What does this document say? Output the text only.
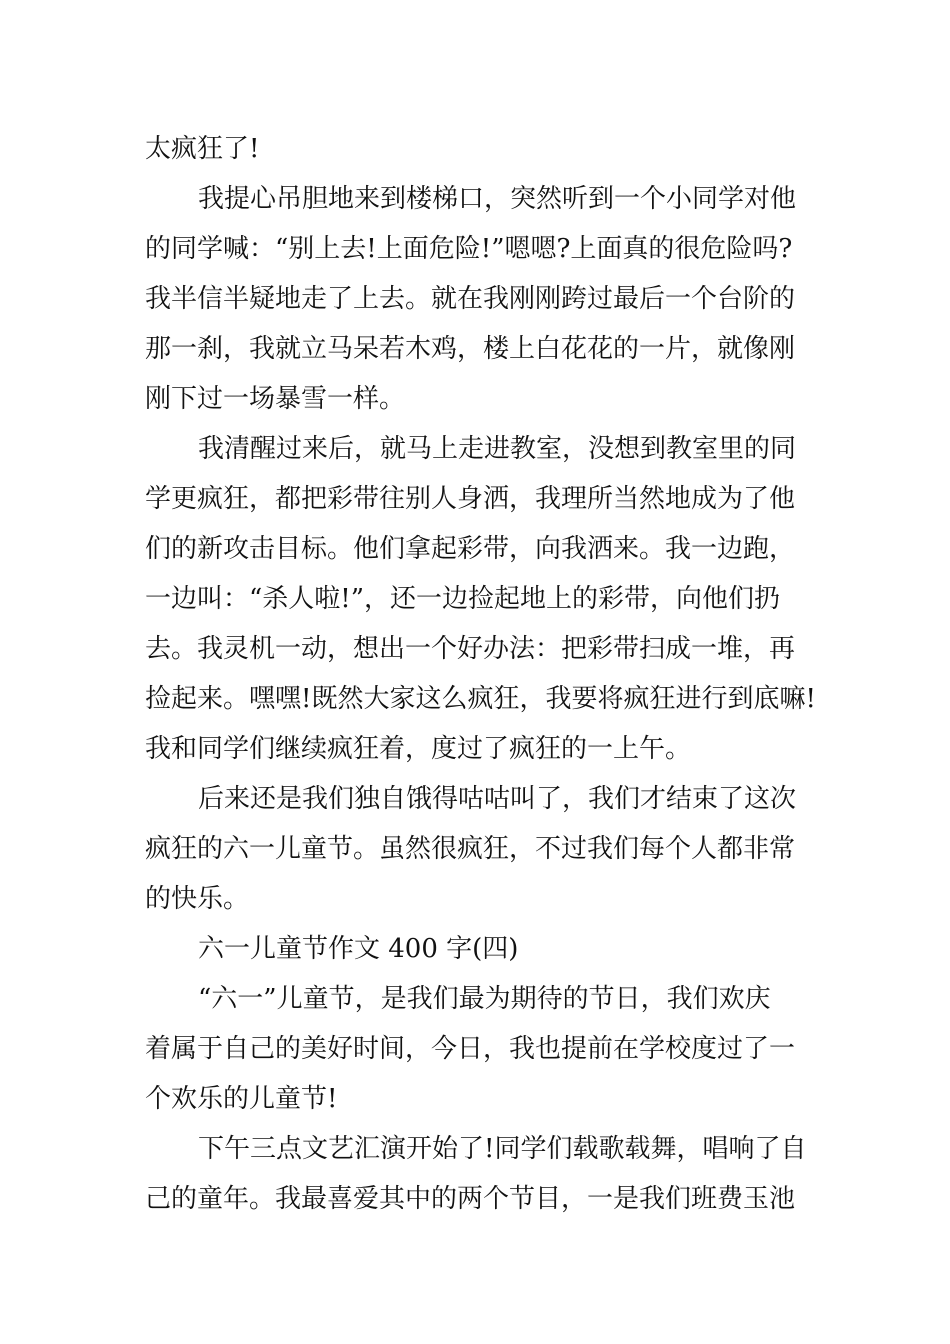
太疯狂了!
我提心吊胆地来到楼梯口，突然听到一个小同学对他
的同学喊：“别上去!上面危险!”嗯嗯?上面真的很危险吗?
我半信半疑地走了上去。就在我刚刚跨过最后一个台阶的
那一刹，我就立马呆若木鸡，楼上白花花的一片，就像刚
刚下过一场暴雪一样。
我清醒过来后，就马上走进教室，没想到教室里的同
学更疯狂，都把彩带往别人身洒，我理所当然地成为了他
们的新攻击目标。他们拿起彩带，向我洒来。我一边跑，
一边叫：“杀人啦!”，还一边捡起地上的彩带，向他们扔
去。我灵机一动，想出一个好办法：把彩带扫成一堆，再
捡起来。嘿嘿!既然大家这么疯狂，我要将疯狂进行到底嘛!
我和同学们继续疯狂着，度过了疯狂的一上午。
后来还是我们独自饿得咕咕叫了，我们才结束了这次
疯狂的六一儿童节。虽然很疯狂，不过我们每个人都非常
的快乐。
六一儿童节作文 400 字(四)
“六一”儿童节，是我们最为期待的节日，我们欢庆
着属于自己的美好时间，今日，我也提前在学校度过了一
个欢乐的儿童节!
下午三点文艺汇演开始了!同学们载歌载舞，唱响了自
己的童年。我最喜爱其中的两个节目，一是我们班费玉池
